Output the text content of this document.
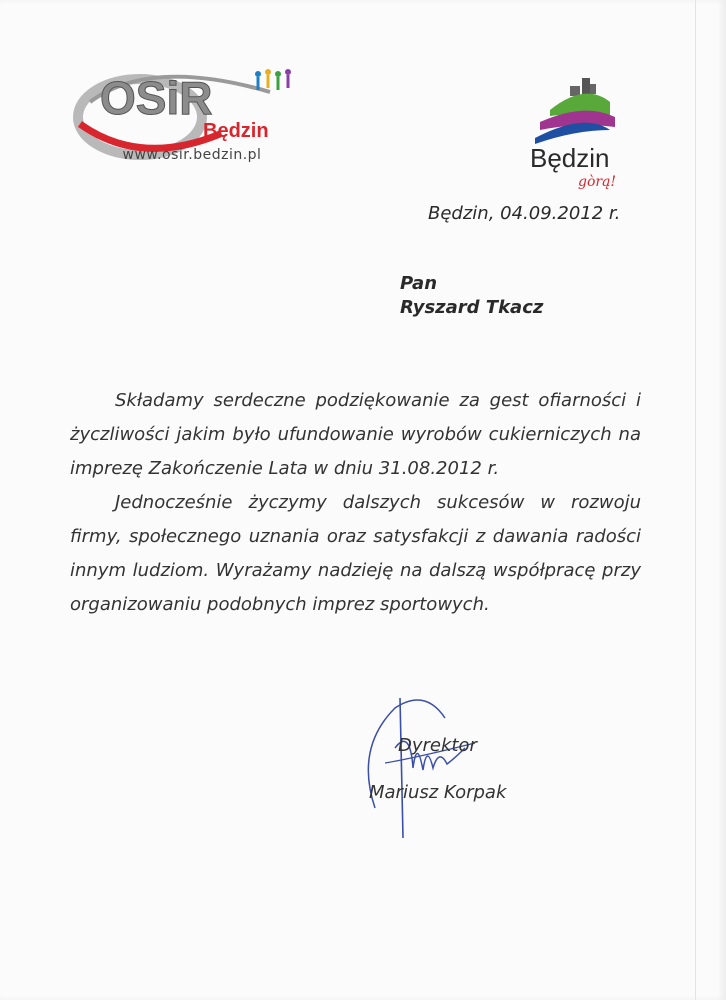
OSiR
Będzin
www.osir.bedzin.pl	Będzin
gòrą!
Będzin, 04.09.2012 r.
Pan
Ryszard Tkacz

Składamy serdeczne podziękowanie za gest ofiarności i życzliwości jakim było ufundowanie wyrobów cukierniczych na imprezę Zakończenie Lata w dniu 31.08.2012 r.

Jednocześnie życzymy dalszych sukcesów w rozwoju firmy, społecznego uznania oraz satysfakcji z dawania radości innym ludziom. Wyrażamy nadzieję na dalszą współpracę przy organizowaniu podobnych imprez sportowych.

Dyrektor
Mariusz Korpak
